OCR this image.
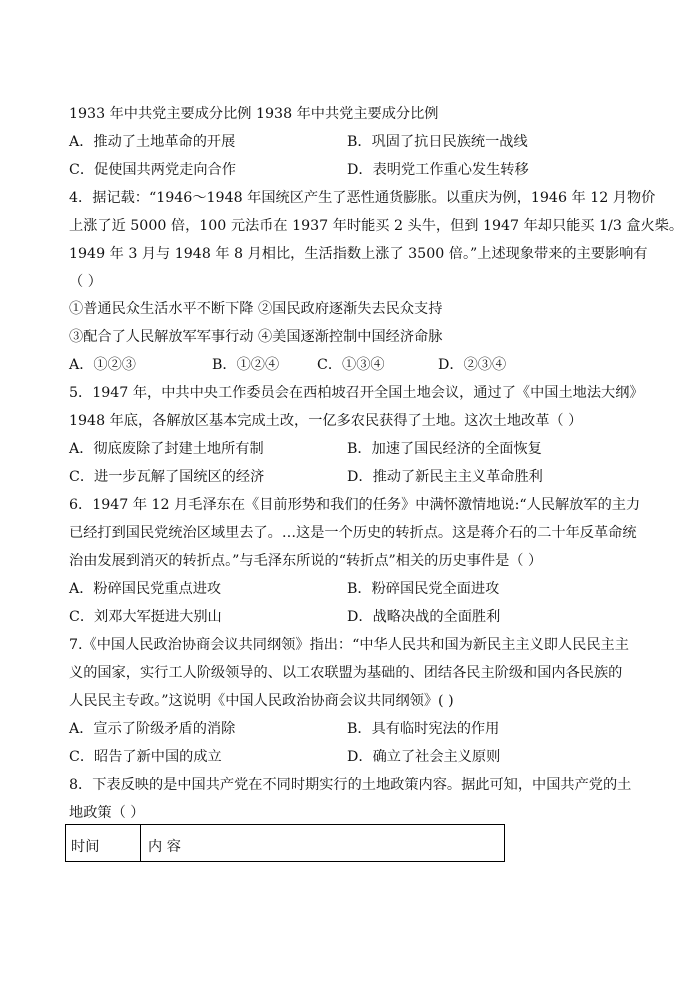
1933 年中共党主要成分比例 1938 年中共党主要成分比例
A．推动了土地革命的开展	B．巩固了抗日民族统一战线
C．促使国共两党走向合作	D．表明党工作重心发生转移
4．据记载：“1946～1948 年国统区产生了恶性通货膨胀。以重庆为例，1946 年 12 月物价
上涨了近 5000 倍，100 元法币在 1937 年时能买 2 头牛，但到 1947 年却只能买 1/3 盒火柴。
1949 年 3 月与 1948 年 8 月相比，生活指数上涨了 3500 倍。”上述现象带来的主要影响有
（ ）
①普通民众生活水平不断下降 ②国民政府逐渐失去民众支持
③配合了人民解放军军事行动 ④美国逐渐控制中国经济命脉
A．①②③	B．①②④	C．①③④	D．②③④
5．1947 年，中共中央工作委员会在西柏坡召开全国土地会议，通过了《中国土地法大纲》
1948 年底，各解放区基本完成土改，一亿多农民获得了土地。这次土地改革（ ）
A．彻底废除了封建土地所有制	B．加速了国民经济的全面恢复
C．进一步瓦解了国统区的经济	D．推动了新民主主义革命胜利
6．1947 年 12 月毛泽东在《目前形势和我们的任务》中满怀激情地说:“人民解放军的主力
已经打到国民党统治区域里去了。…这是一个历史的转折点。这是蒋介石的二十年反革命统
治由发展到消灭的转折点。”与毛泽东所说的“转折点”相关的历史事件是（ ）
A．粉碎国民党重点进攻	B．粉碎国民党全面进攻
C．刘邓大军挺进大别山	D．战略决战的全面胜利
7.《中国人民政治协商会议共同纲领》指出：“中华人民共和国为新民主主义即人民民主主
义的国家，实行工人阶级领导的、以工农联盟为基础的、团结各民主阶级和国内各民族的
人民民主专政。”这说明《中国人民政治协商会议共同纲领》( )
A．宣示了阶级矛盾的消除	B．具有临时宪法的作用
C．昭告了新中国的成立	D．确立了社会主义原则
8．下表反映的是中国共产党在不同时期实行的土地政策内容。据此可知，中国共产党的土
地政策（ ）
时间	内 容
